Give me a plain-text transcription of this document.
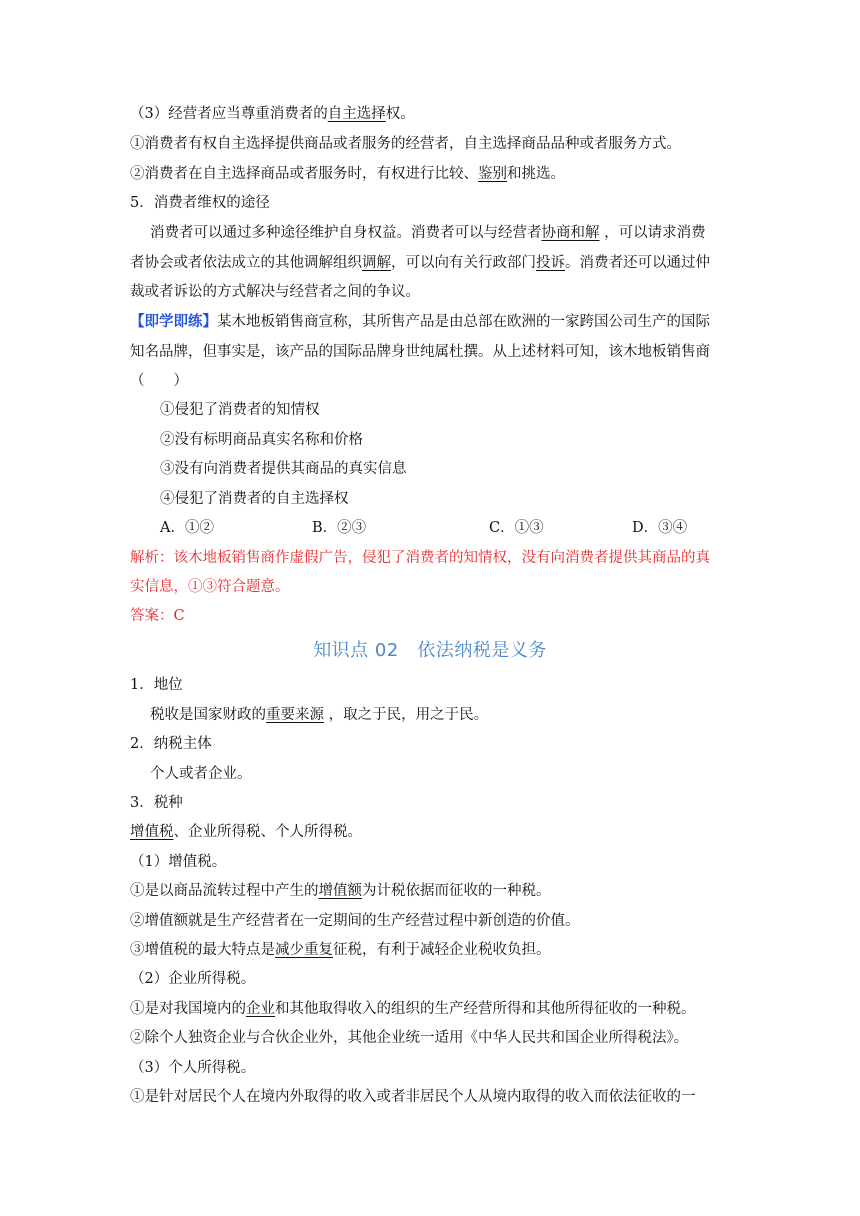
（3）经营者应当尊重消费者的自主选择权。
①消费者有权自主选择提供商品或者服务的经营者，自主选择商品品种或者服务方式。
②消费者在自主选择商品或者服务时，有权进行比较、鉴别和挑选。
5．消费者维权的途径
消费者可以通过多种途径维护自身权益。消费者可以与经营者协商和解 ，可以请求消费
者协会或者依法成立的其他调解组织调解，可以向有关行政部门投诉。消费者还可以通过仲
裁或者诉讼的方式解决与经营者之间的争议。
【即学即练】某木地板销售商宣称，其所售产品是由总部在欧洲的一家跨国公司生产的国际
知名品牌，但事实是，该产品的国际品牌身世纯属杜撰。从上述材料可知，该木地板销售商
（　　）
①侵犯了消费者的知情权
②没有标明商品真实名称和价格
③没有向消费者提供其商品的真实信息
④侵犯了消费者的自主选择权
A．①②	B．②③	C．①③	D．③④
解析：该木地板销售商作虚假广告，侵犯了消费者的知情权，没有向消费者提供其商品的真
实信息，①③符合题意。
答案：C
知识点 02　依法纳税是义务
1．地位
税收是国家财政的重要来源 ，取之于民，用之于民。
2．纳税主体
个人或者企业。
3．税种
增值税、企业所得税、个人所得税。
（1）增值税。
①是以商品流转过程中产生的增值额为计税依据而征收的一种税。
②增值额就是生产经营者在一定期间的生产经营过程中新创造的价值。
③增值税的最大特点是减少重复征税，有利于减轻企业税收负担。
（2）企业所得税。
①是对我国境内的企业和其他取得收入的组织的生产经营所得和其他所得征收的一种税。
②除个人独资企业与合伙企业外，其他企业统一适用《中华人民共和国企业所得税法》。
（3）个人所得税。
①是针对居民个人在境内外取得的收入或者非居民个人从境内取得的收入而依法征收的一
